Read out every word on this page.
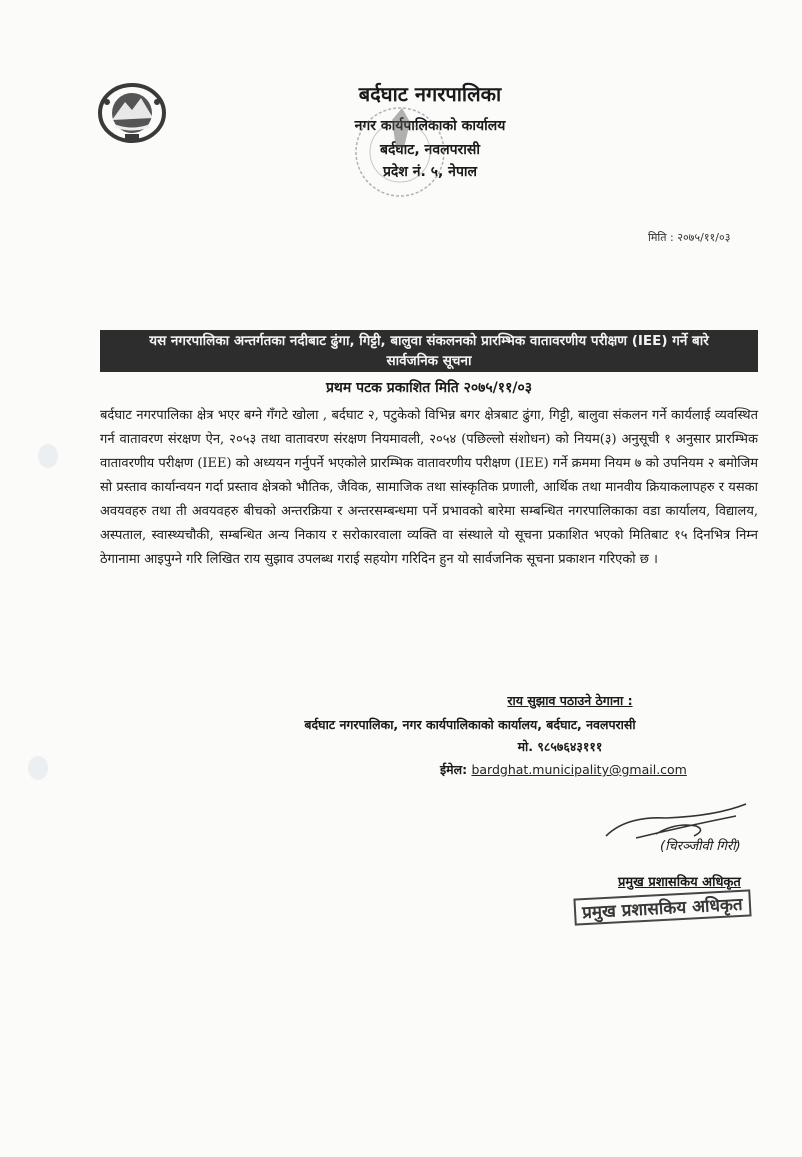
बर्दघाट नगरपालिका
नगर कार्यपालिकाको कार्यालय
बर्दघाट, नवलपरासी
प्रदेश नं. ५, नेपाल
मिति : २०७५/११/०३
यस नगरपालिका अन्तर्गतका नदीबाट ढुंगा, गिट्टी, बालुवा संकलनको प्रारम्भिक वातावरणीय परीक्षण (IEE) गर्ने बारे
सार्वजनिक सूचना
प्रथम पटक प्रकाशित मिति २०७५/११/०३

बर्दघाट नगरपालिका क्षेत्र भएर बग्ने गँगटे खोला , बर्दघाट २, पटुकेको विभिन्न बगर क्षेत्रबाट ढुंगा, गिट्टी, बालुवा संकलन गर्ने कार्यलाई व्यवस्थित गर्न वातावरण संरक्षण ऐन, २०५३ तथा वातावरण संरक्षण नियमावली, २०५४ (पछिल्लो संशोधन) को नियम(३) अनुसूची १ अनुसार प्रारम्भिक वातावरणीय परीक्षण (IEE) को अध्ययन गर्नुपर्ने भएकोले प्रारम्भिक वातावरणीय परीक्षण (IEE) गर्ने क्रममा नियम ७ को उपनियम २ बमोजिम सो प्रस्ताव कार्यान्वयन गर्दा प्रस्ताव क्षेत्रको भौतिक, जैविक, सामाजिक तथा सांस्कृतिक प्रणाली, आर्थिक तथा मानवीय क्रियाकलापहरु र यसका अवयवहरु तथा ती अवयवहरु बीचको अन्तरक्रिया र अन्तरसम्बन्धमा पर्ने प्रभावको बारेमा सम्बन्धित नगरपालिकाका वडा कार्यालय, विद्यालय, अस्पताल, स्वास्थ्यचौकी, सम्बन्धित अन्य निकाय र सरोकारवाला व्यक्ति वा संस्थाले यो सूचना प्रकाशित भएको मितिबाट १५ दिनभित्र निम्न ठेगानामा आइपुग्ने गरि लिखित राय सुझाव उपलब्ध गराई सहयोग गरिदिन हुन यो सार्वजनिक सूचना प्रकाशन गरिएको छ ।

राय सुझाव पठाउने ठेगाना :
बर्दघाट नगरपालिका, नगर कार्यपालिकाको कार्यालय, बर्दघाट, नवलपरासी
मो. ९८५७६४३१११
ईमेल: bardghat.municipality@gmail.com
(चिरञ्जीवी गिरी)
प्रमुख प्रशासकिय अधिकृत
प्रमुख प्रशासकिय अधिकृत
